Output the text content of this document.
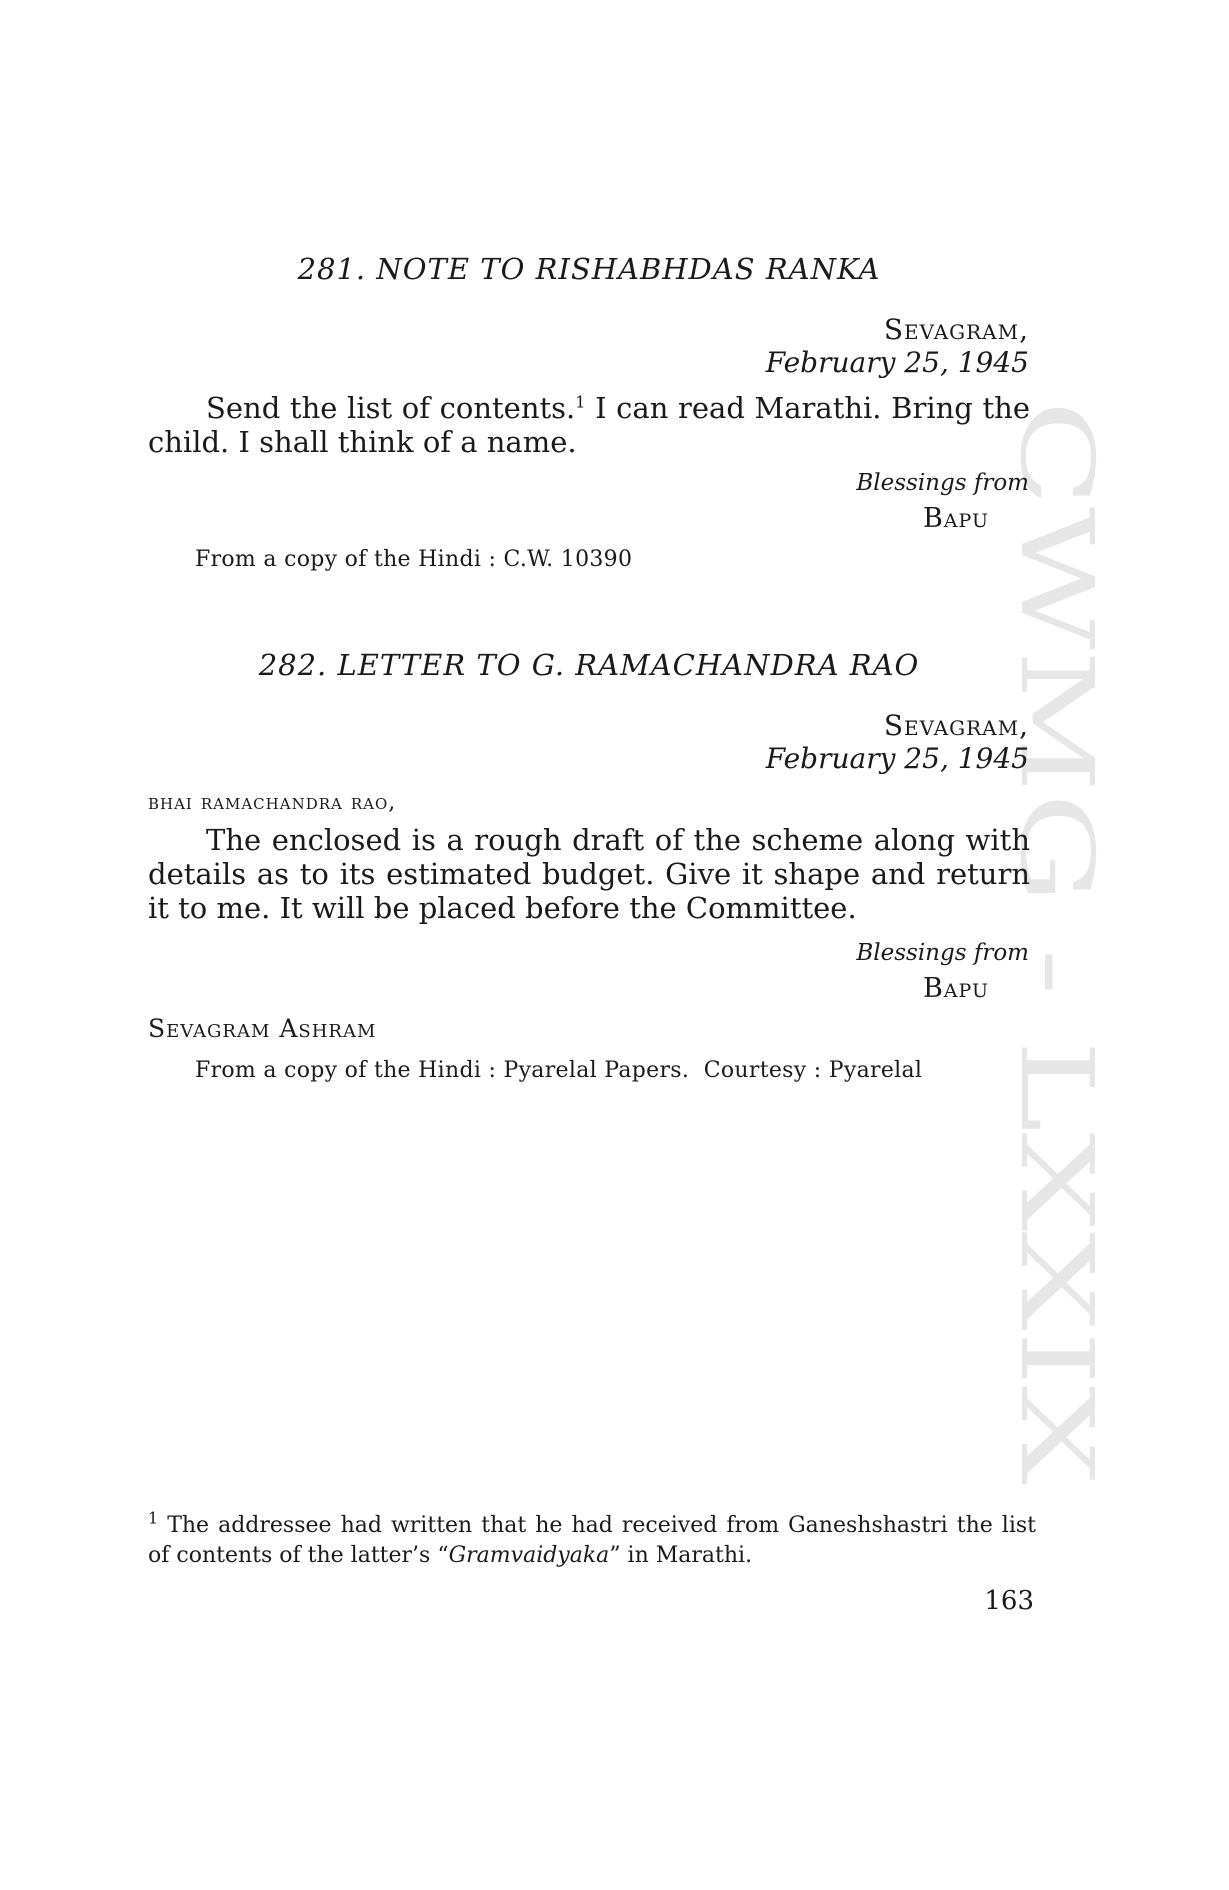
CWMG - LXXIX
281. NOTE TO RISHABHDAS RANKA
Sevagram,
February 25, 1945

Send the list of contents.$^1$ I can read Marathi. Bring the child. I shall think of a name.

Blessings from
Bapu
From a copy of the Hindi : C.W. 10390
282. LETTER TO G. RAMACHANDRA RAO
Sevagram,
February 25, 1945
bhai ramachandra rao,

The enclosed is a rough draft of the scheme along with details as to its estimated budget. Give it shape and return it to me. It will be placed before the Committee.

Blessings from
Bapu
Sevagram Ashram
From a copy of the Hindi : Pyarelal Papers.  Courtesy : Pyarelal

$^1$ The addressee had written that he had received from Ganeshshastri the list of contents of the latter’s “Gramvaidyaka” in Marathi.

163
